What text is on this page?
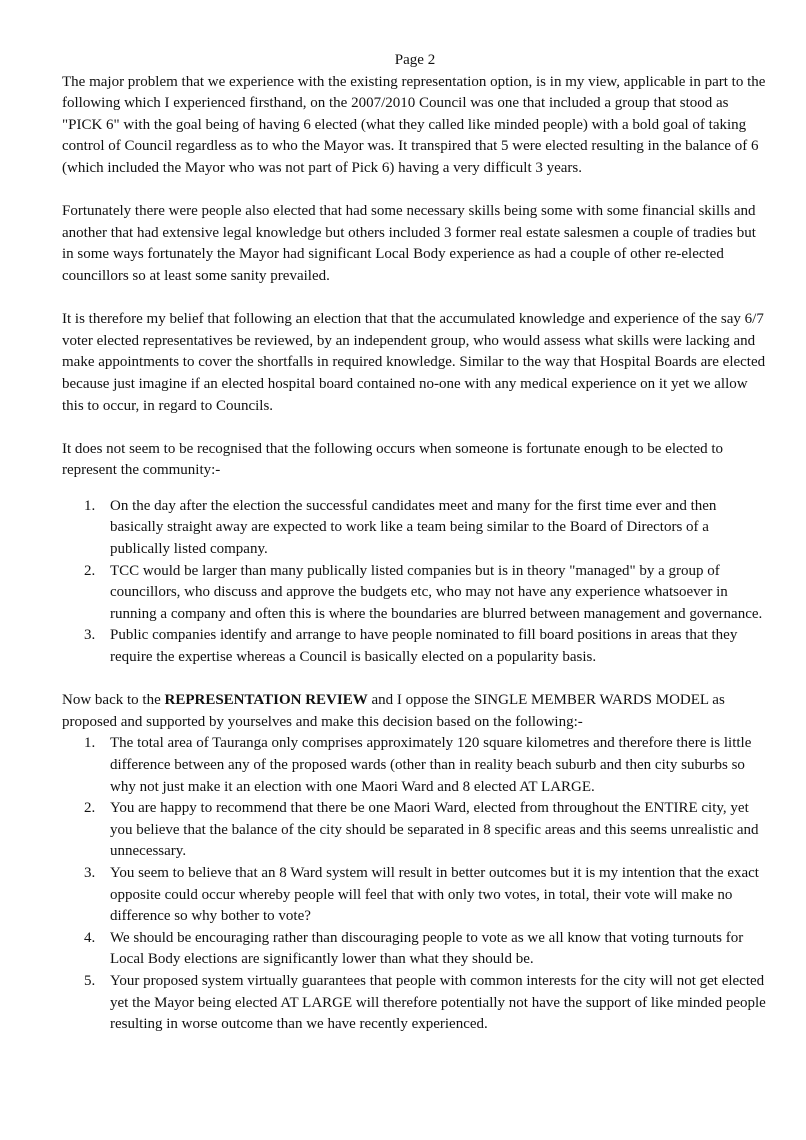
Page 2

The major problem that we experience with the existing representation option, is in my view, applicable in part to the following which I experienced firsthand, on the 2007/2010 Council was one that included a group that stood as "PICK 6" with the goal being of having 6 elected (what they called like minded people) with a bold goal of taking control of Council regardless as to who the Mayor was. It transpired that 5 were elected resulting in the balance of 6 (which included the Mayor who was not part of Pick 6) having a very difficult 3 years.

Fortunately there were people also elected that had some necessary skills being some with some financial skills and another that had extensive legal knowledge but others included 3 former real estate salesmen a couple of tradies but in some ways fortunately the Mayor had significant Local Body experience as had a couple of other re-elected councillors so at least some sanity prevailed.

It is therefore my belief that following an election that that the accumulated knowledge and experience of the say 6/7 voter elected representatives be reviewed, by an independent group, who would assess what skills were lacking and make appointments to cover the shortfalls in required knowledge. Similar to the way that Hospital Boards are elected because just imagine if an elected hospital board contained no-one with any medical experience on it yet we allow this to occur, in regard to Councils.

It does not seem to be recognised that the following occurs when someone is fortunate enough to be elected to represent the community:-

1. On the day after the election the successful candidates meet and many for the first time ever and then basically straight away are expected to work like a team being similar to the Board of Directors of a publically listed company.
2. TCC would be larger than many publically listed companies but is in theory "managed" by a group of councillors, who discuss and approve the budgets etc, who may not have any experience whatsoever in running a company and often this is where the boundaries are blurred between management and governance.
3. Public companies identify and arrange to have people nominated to fill board positions in areas that they require the expertise whereas a Council is basically elected on a popularity basis.

Now back to the REPRESENTATION REVIEW and I oppose the SINGLE MEMBER WARDS MODEL as proposed and supported by yourselves and make this decision based on the following:-

1. The total area of Tauranga only comprises approximately 120 square kilometres and therefore there is little difference between any of the proposed wards (other than in reality beach suburb and then city suburbs so why not just make it an election with one Maori Ward and 8 elected AT LARGE.
2. You are happy to recommend that there be one Maori Ward, elected from throughout the ENTIRE city, yet you believe that the balance of the city should be separated in 8 specific areas and this seems unrealistic and unnecessary.
3. You seem to believe that an 8 Ward system will result in better outcomes but it is my intention that the exact opposite could occur whereby people will feel that with only two votes, in total, their vote will make no difference so why bother to vote?
4. We should be encouraging rather than discouraging people to vote as we all know that voting turnouts for Local Body elections are significantly lower than what they should be.
5. Your proposed system virtually guarantees that people with common interests for the city will not get elected yet the Mayor being elected AT LARGE will therefore potentially not have the support of like minded people resulting in worse outcome than we have recently experienced.
